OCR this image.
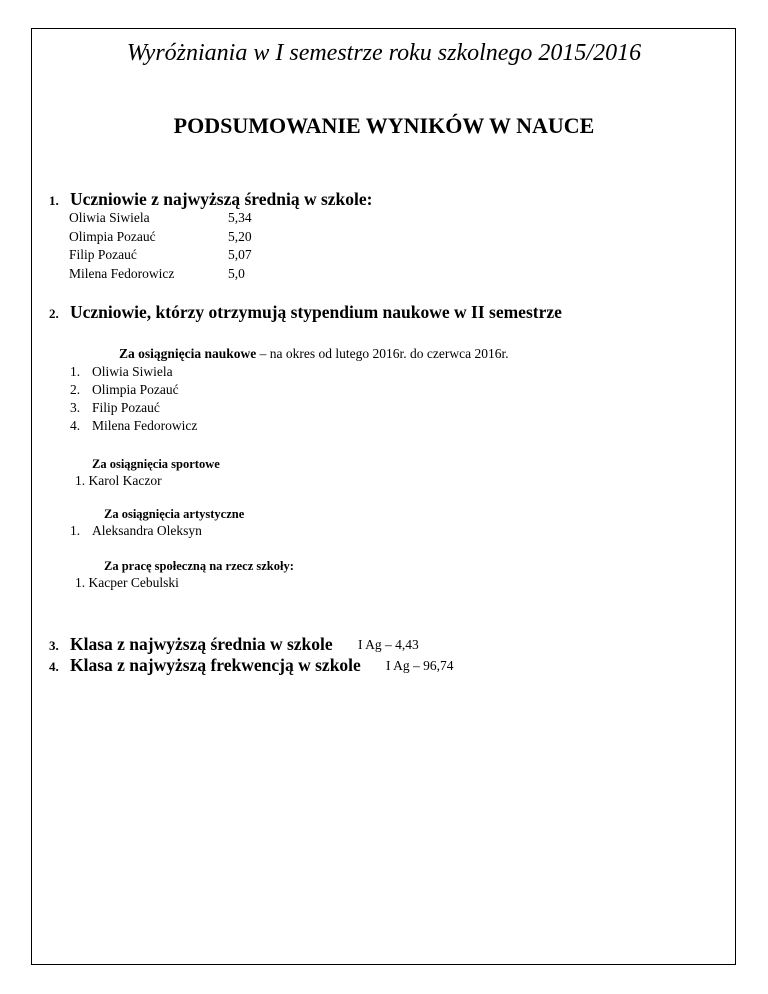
Wyróżniania w I semestrze roku szkolnego 2015/2016
PODSUMOWANIE WYNIKÓW W NAUCE
1. Uczniowie z najwyższą średnią w szkole:
Oliwia Siwiela	5,34
Olimpia Pozauć	5,20
Filip Pozauć	5,07
Milena Fedorowicz	5,0
2. Uczniowie, którzy otrzymują stypendium naukowe w II semestrze
Za osiągnięcia naukowe – na okres od lutego 2016r. do czerwca 2016r.
1. Oliwia Siwiela
2. Olimpia Pozauć
3. Filip Pozauć
4. Milena Fedorowicz
Za osiągnięcia sportowe
1. Karol Kaczor
Za osiągnięcia artystyczne
1. Aleksandra Oleksyn
Za pracę społeczną na rzecz szkoły:
1. Kacper Cebulski
3. Klasa z najwyższą średnia w szkole I Ag – 4,43
4. Klasa z najwyższą frekwencją w szkole I Ag – 96,74
